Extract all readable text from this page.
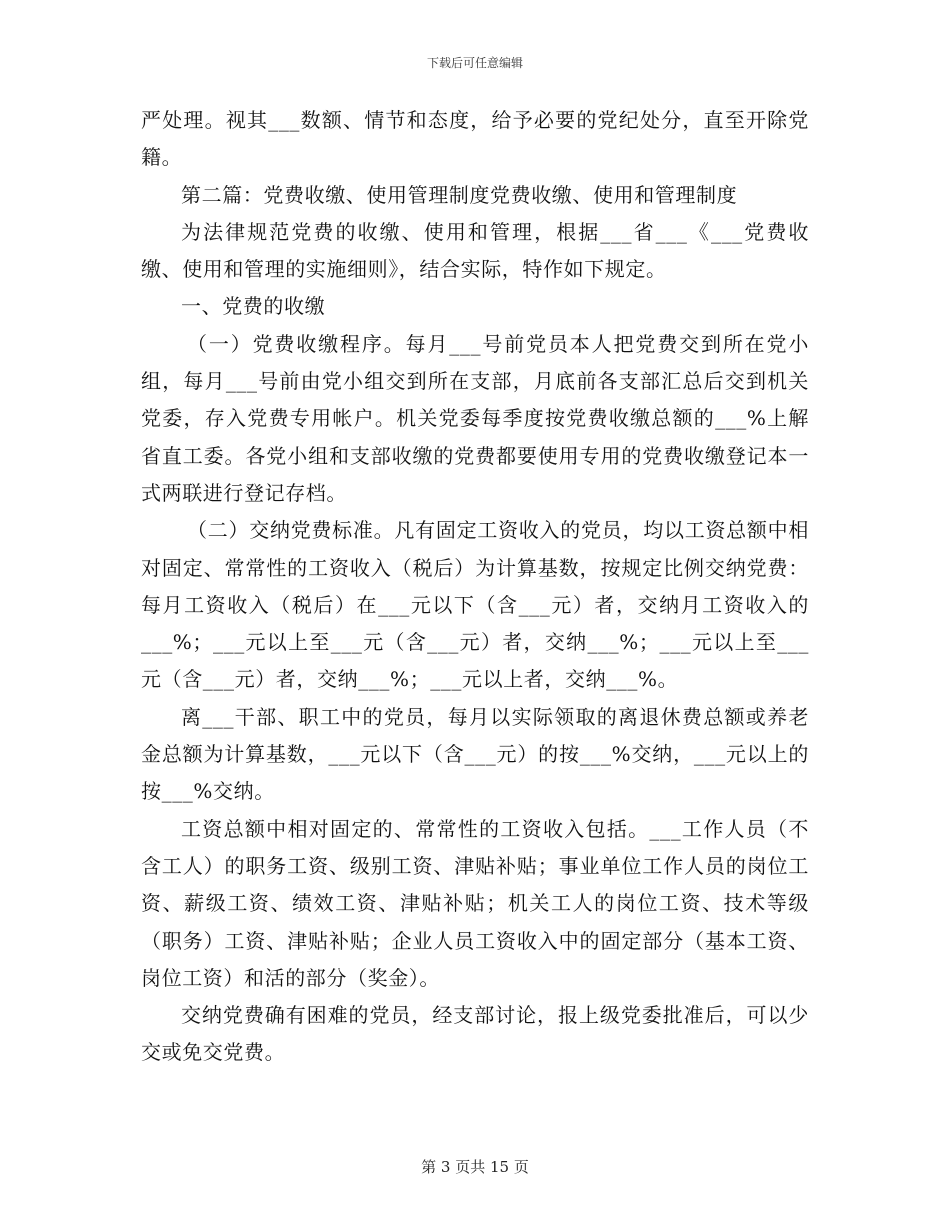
下载后可任意编辑

严处理。视其___数额、情节和态度，给予必要的党纪处分，直至开除党籍。

第二篇：党费收缴、使用管理制度党费收缴、使用和管理制度

为法律规范党费的收缴、使用和管理，根据___省___《___党费收缴、使用和管理的实施细则》，结合实际，特作如下规定。

一、党费的收缴

（一）党费收缴程序。每月___号前党员本人把党费交到所在党小组，每月___号前由党小组交到所在支部，月底前各支部汇总后交到机关党委，存入党费专用帐户。机关党委每季度按党费收缴总额的___%上解省直工委。各党小组和支部收缴的党费都要使用专用的党费收缴登记本一式两联进行登记存档。

（二）交纳党费标准。凡有固定工资收入的党员，均以工资总额中相对固定、常常性的工资收入（税后）为计算基数，按规定比例交纳党费：每月工资收入（税后）在___元以下（含___元）者，交纳月工资收入的___%；___元以上至___元（含___元）者，交纳___%；___元以上至___元（含___元）者，交纳___%；___元以上者，交纳___%。

离___干部、职工中的党员，每月以实际领取的离退休费总额或养老金总额为计算基数，___元以下（含___元）的按___%交纳，___元以上的按___%交纳。

工资总额中相对固定的、常常性的工资收入包括。___工作人员（不含工人）的职务工资、级别工资、津贴补贴；事业单位工作人员的岗位工资、薪级工资、绩效工资、津贴补贴；机关工人的岗位工资、技术等级（职务）工资、津贴补贴；企业人员工资收入中的固定部分（基本工资、岗位工资）和活的部分（奖金）。

交纳党费确有困难的党员，经支部讨论，报上级党委批准后，可以少交或免交党费。

第 3 页共 15 页
